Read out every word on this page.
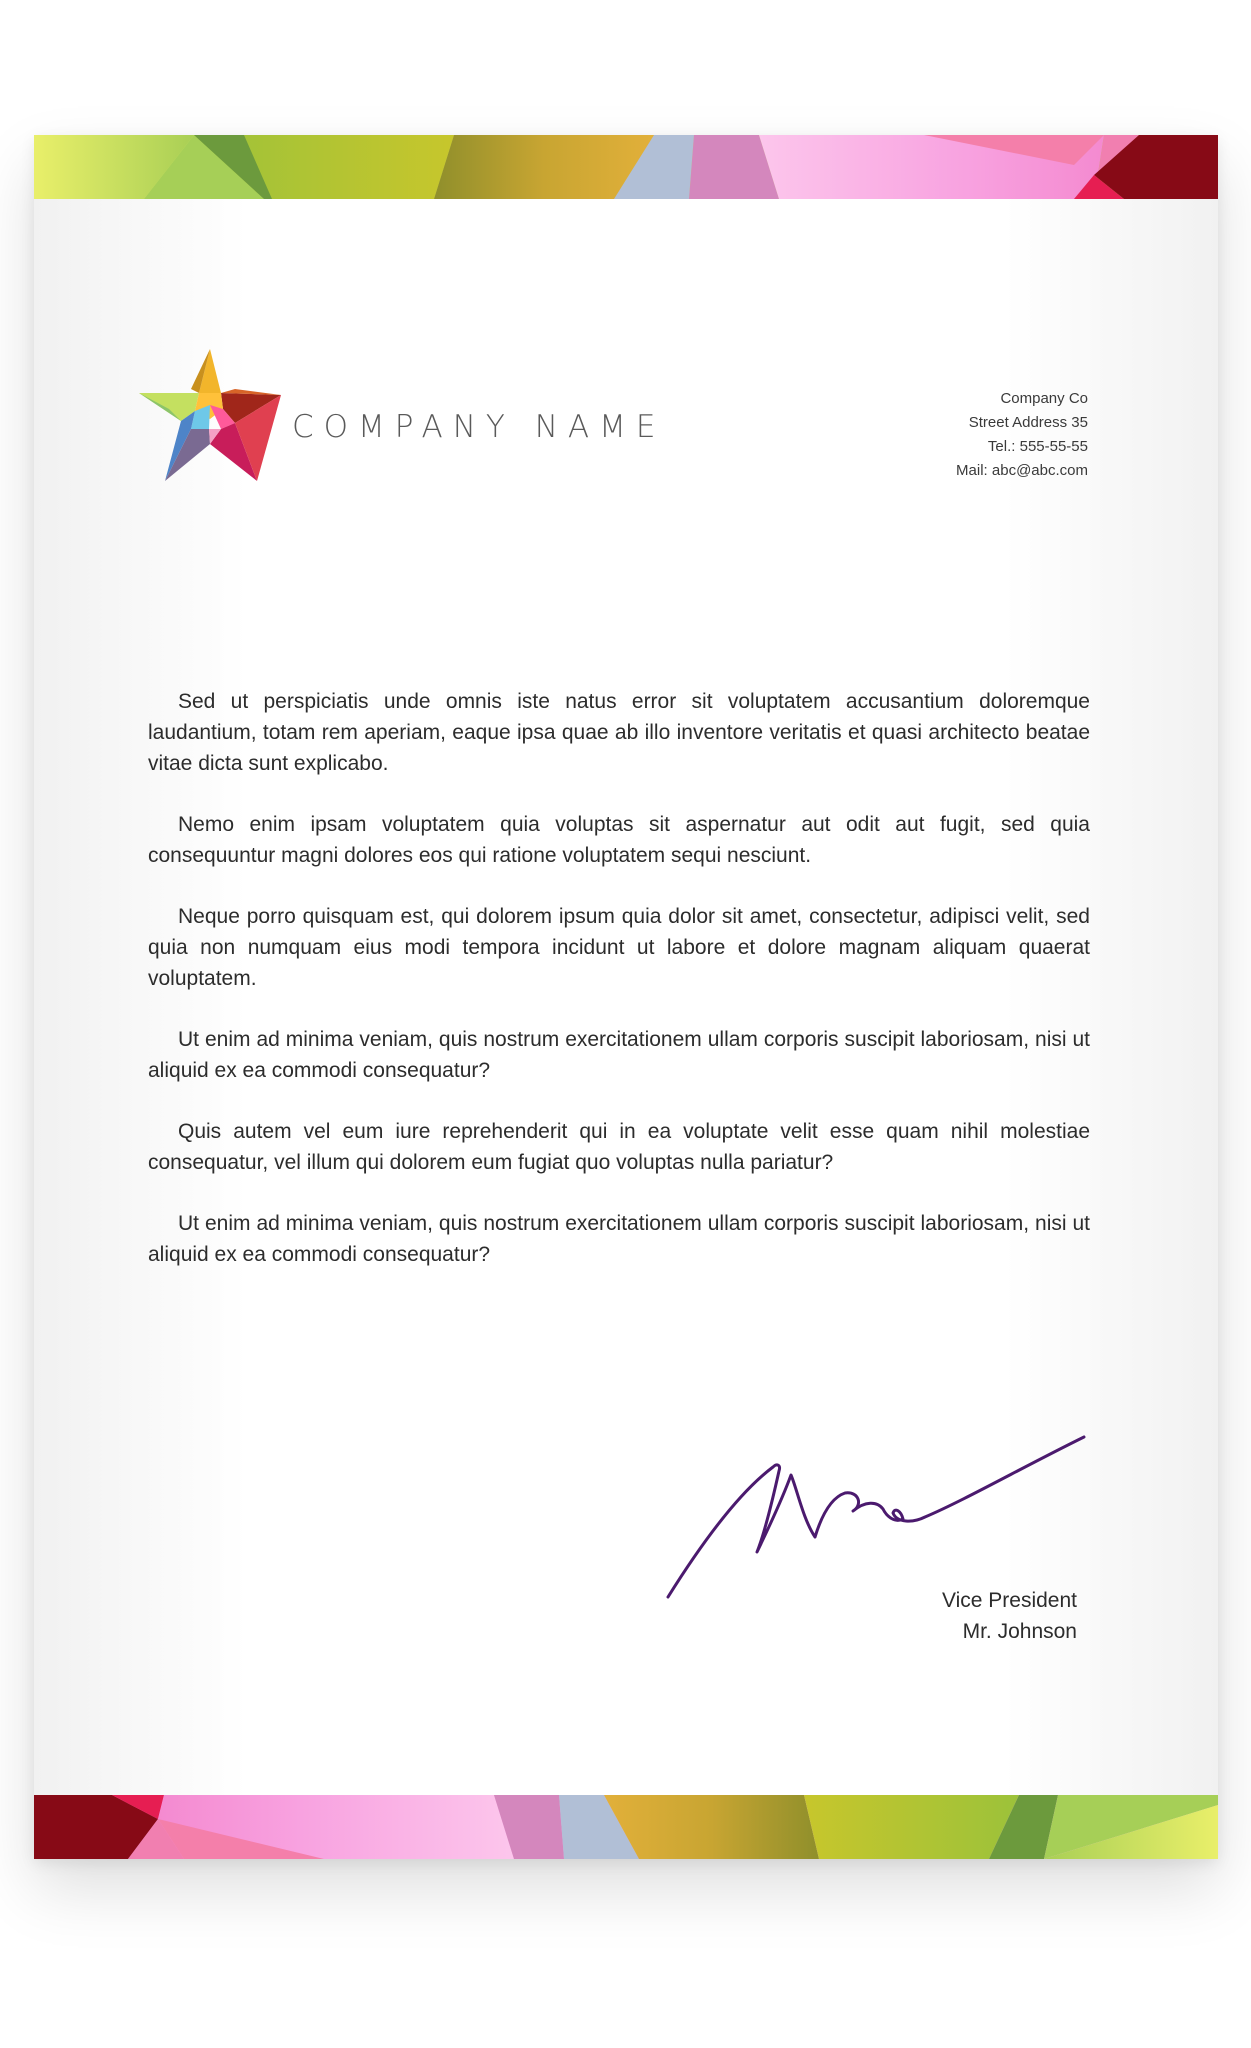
COMPANY NAME
Company Co
Street Address 35
Tel.: 555-55-55
Mail: abc@abc.com

Sed ut perspiciatis unde omnis iste natus error sit voluptatem accusantium doloremque laudantium, totam rem aperiam, eaque ipsa quae ab illo inventore veritatis et quasi architecto beatae vitae dicta sunt explicabo.

Nemo enim ipsam voluptatem quia voluptas sit aspernatur aut odit aut fugit, sed quia consequuntur magni dolores eos qui ratione voluptatem sequi nesciunt.

Neque porro quisquam est, qui dolorem ipsum quia dolor sit amet, consectetur, adipisci velit, sed quia non numquam eius modi tempora incidunt ut labore et dolore magnam aliquam quaerat voluptatem.

Ut enim ad minima veniam, quis nostrum exercitationem ullam corporis suscipit laboriosam, nisi ut aliquid ex ea commodi consequatur?

Quis autem vel eum iure reprehenderit qui in ea voluptate velit esse quam nihil molestiae consequatur, vel illum qui dolorem eum fugiat quo voluptas nulla pariatur?

Ut enim ad minima veniam, quis nostrum exercitationem ullam corporis suscipit laboriosam, nisi ut aliquid ex ea commodi consequatur?

Vice President
Mr. Johnson
